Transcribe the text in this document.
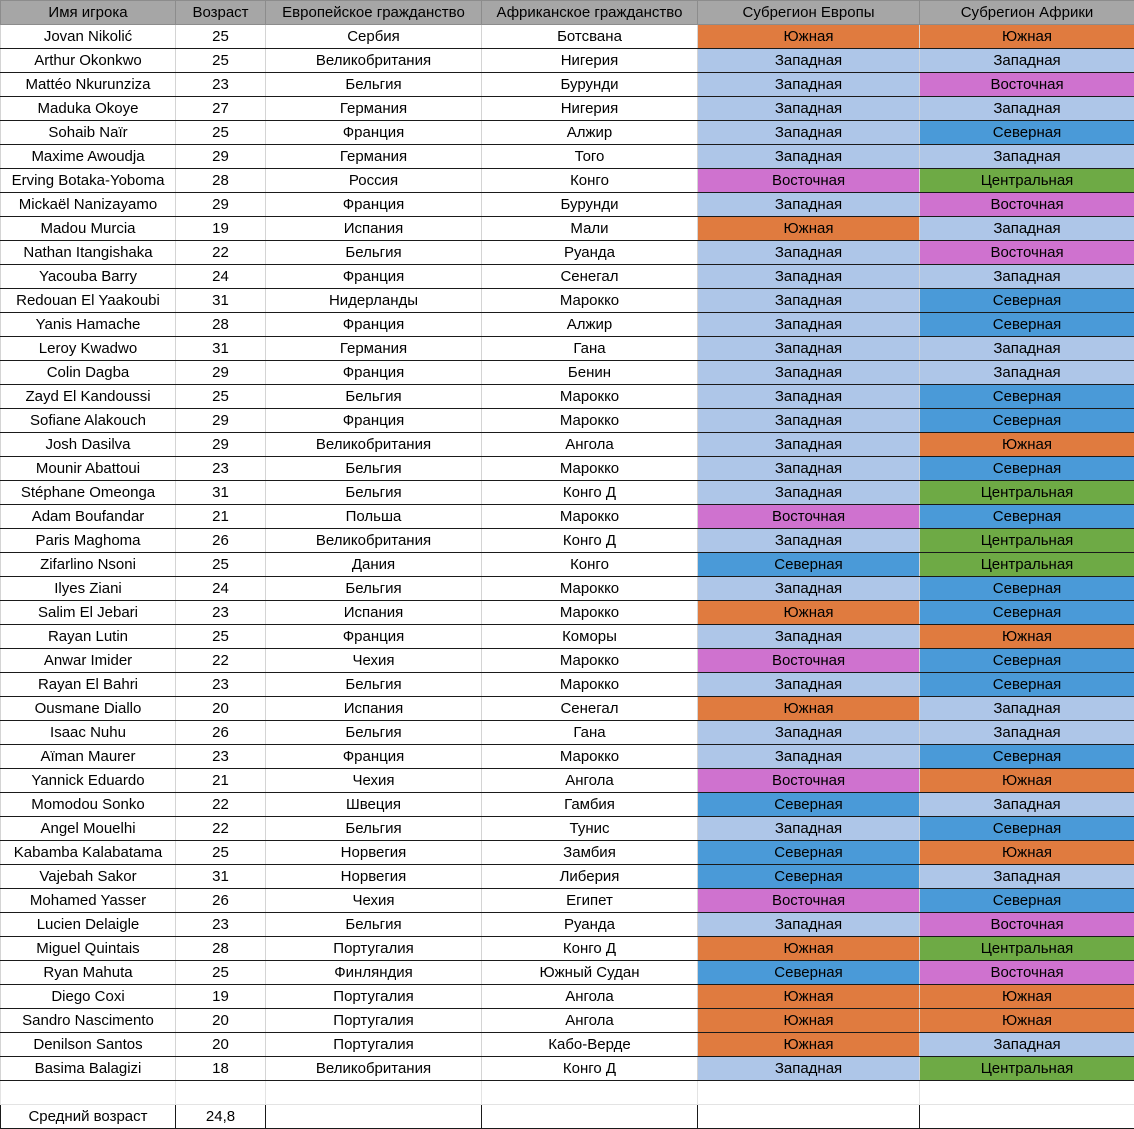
Имя игрока	Возраст	Европейское гражданство	Африканское гражданство	Субрегион Европы	Субрегион Африки
Jovan Nikolić	25	Сербия	Ботсвана	Южная	Южная
Arthur Okonkwo	25	Великобритания	Нигерия	Западная	Западная
Mattéo Nkurunziza	23	Бельгия	Бурунди	Западная	Восточная
Maduka Okoye	27	Германия	Нигерия	Западная	Западная
Sohaib Naïr	25	Франция	Алжир	Западная	Северная
Maxime Awoudja	29	Германия	Того	Западная	Западная
Erving Botaka-Yoboma	28	Россия	Конго	Восточная	Центральная
Mickaël Nanizayamo	29	Франция	Бурунди	Западная	Восточная
Madou Murcia	19	Испания	Мали	Южная	Западная
Nathan Itangishaka	22	Бельгия	Руанда	Западная	Восточная
Yacouba Barry	24	Франция	Сенегал	Западная	Западная
Redouan El Yaakoubi	31	Нидерланды	Марокко	Западная	Северная
Yanis Hamache	28	Франция	Алжир	Западная	Северная
Leroy Kwadwo	31	Германия	Гана	Западная	Западная
Colin Dagba	29	Франция	Бенин	Западная	Западная
Zayd El Kandoussi	25	Бельгия	Марокко	Западная	Северная
Sofiane Alakouch	29	Франция	Марокко	Западная	Северная
Josh Dasilva	29	Великобритания	Ангола	Западная	Южная
Mounir Abattoui	23	Бельгия	Марокко	Западная	Северная
Stéphane Omeonga	31	Бельгия	Конго Д	Западная	Центральная
Adam Boufandar	21	Польша	Марокко	Восточная	Северная
Paris Maghoma	26	Великобритания	Конго Д	Западная	Центральная
Zifarlino Nsoni	25	Дания	Конго	Северная	Центральная
Ilyes Ziani	24	Бельгия	Марокко	Западная	Северная
Salim El Jebari	23	Испания	Марокко	Южная	Северная
Rayan Lutin	25	Франция	Коморы	Западная	Южная
Anwar Imider	22	Чехия	Марокко	Восточная	Северная
Rayan El Bahri	23	Бельгия	Марокко	Западная	Северная
Ousmane Diallo	20	Испания	Сенегал	Южная	Западная
Isaac Nuhu	26	Бельгия	Гана	Западная	Западная
Aïman Maurer	23	Франция	Марокко	Западная	Северная
Yannick Eduardo	21	Чехия	Ангола	Восточная	Южная
Momodou Sonko	22	Швеция	Гамбия	Северная	Западная
Angel Mouelhi	22	Бельгия	Тунис	Западная	Северная
Kabamba Kalabatama	25	Норвегия	Замбия	Северная	Южная
Vajebah Sakor	31	Норвегия	Либерия	Северная	Западная
Mohamed Yasser	26	Чехия	Египет	Восточная	Северная
Lucien Delaigle	23	Бельгия	Руанда	Западная	Восточная
Miguel Quintais	28	Португалия	Конго Д	Южная	Центральная
Ryan Mahuta	25	Финляндия	Южный Судан	Северная	Восточная
Diego Coxi	19	Португалия	Ангола	Южная	Южная
Sandro Nascimento	20	Португалия	Ангола	Южная	Южная
Denilson Santos	20	Португалия	Кабо-Верде	Южная	Западная
Basima Balagizi	18	Великобритания	Конго Д	Западная	Центральная

Средний возраст	24,8				
